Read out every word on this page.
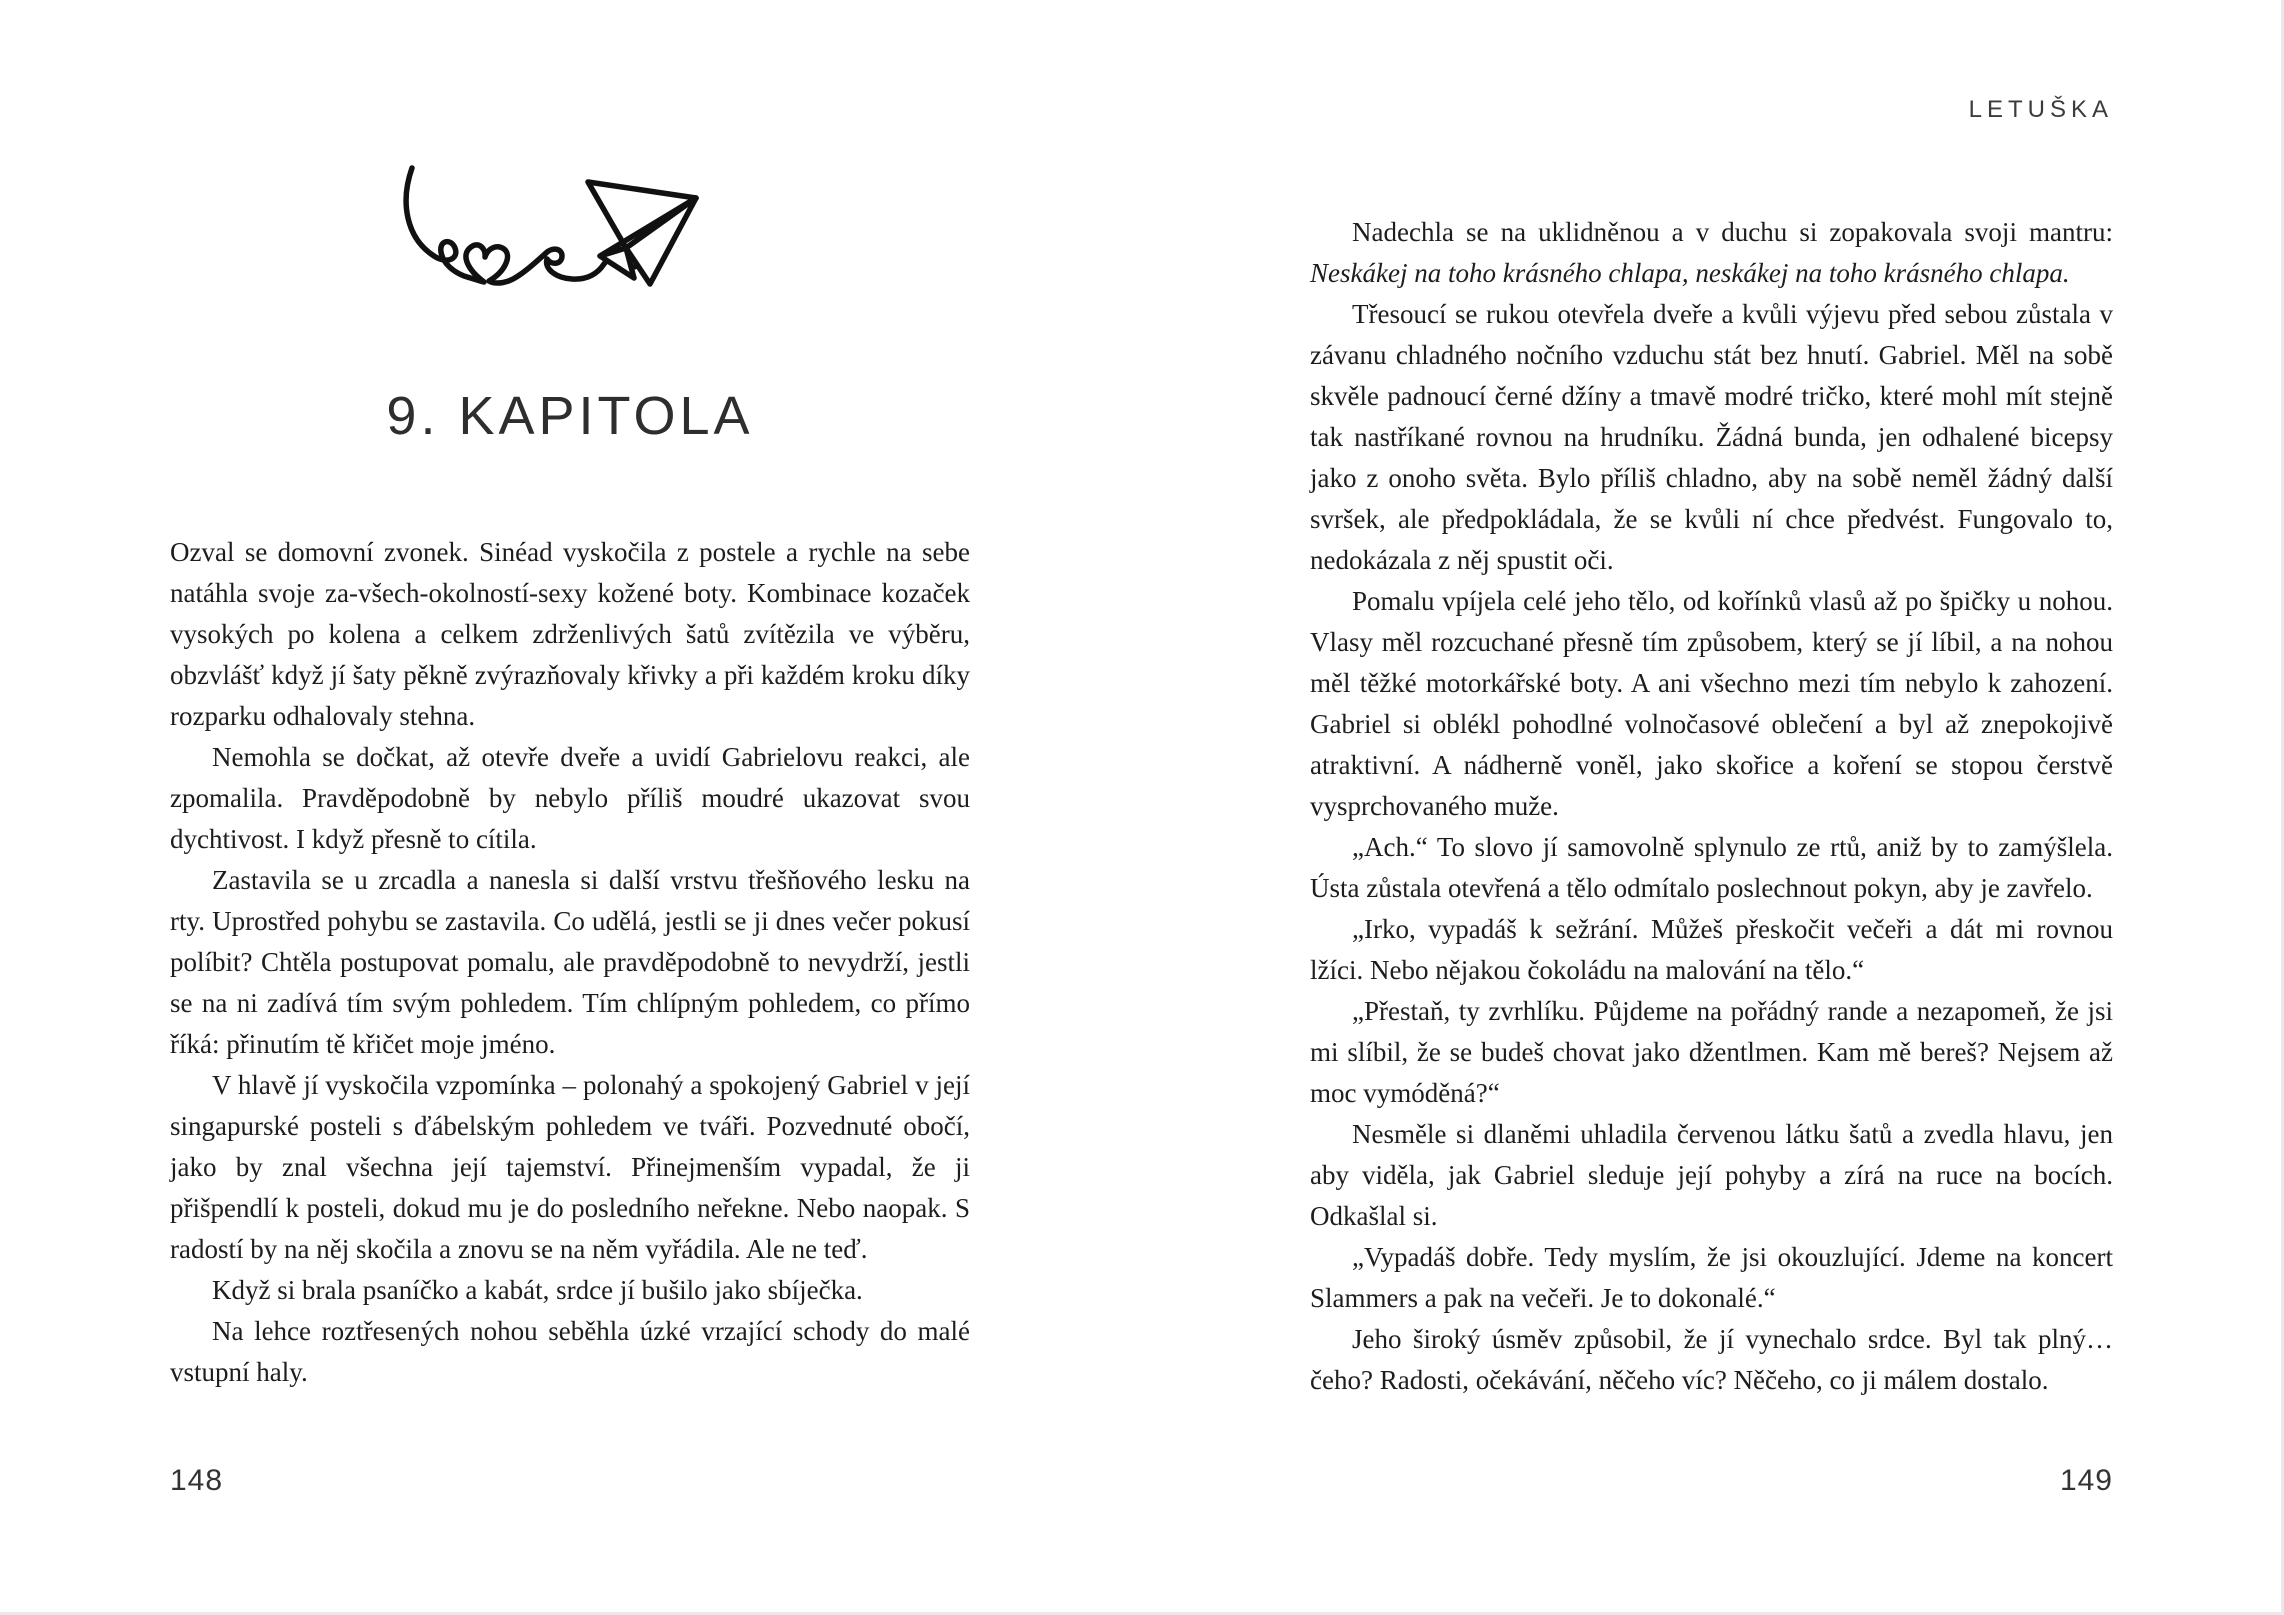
9. KAPITOLA

Ozval se domovní zvonek. Sinéad vyskočila z postele a rychle na sebe natáhla svoje za-všech-okolností-sexy kožené boty. Kombinace kozaček vysokých po kolena a celkem zdrženlivých šatů zvítězila ve výběru, obzvlášť když jí šaty pěkně zvýrazňovaly křivky a při každém kroku díky rozparku odhalovaly stehna.

Nemohla se dočkat, až otevře dveře a uvidí Gabrielovu reakci, ale zpomalila. Pravděpodobně by nebylo příliš moudré ukazovat svou dychtivost. I když přesně to cítila.

Zastavila se u zrcadla a nanesla si další vrstvu třešňového lesku na rty. Uprostřed pohybu se zastavila. Co udělá, jestli se ji dnes večer pokusí políbit? Chtěla postupovat pomalu, ale pravděpodobně to nevydrží, jestli se na ni zadívá tím svým pohledem. Tím chlípným pohledem, co přímo říká: přinutím tě křičet moje jméno.

V hlavě jí vyskočila vzpomínka – polonahý a spokojený Gabriel v její singapurské posteli s ďábelským pohledem ve tváři. Pozvednuté obočí, jako by znal všechna její tajemství. Přinejmenším vypadal, že ji přišpendlí k posteli, dokud mu je do posledního neřekne. Nebo naopak. S radostí by na něj skočila a znovu se na něm vyřádila. Ale ne teď.

Když si brala psaníčko a kabát, srdce jí bušilo jako sbíječka.

Na lehce roztřesených nohou seběhla úzké vrzající schody do malé vstupní haly.

148
LETUŠKA

Nadechla se na uklidněnou a v duchu si zopakovala svoji mantru: Neskákej na toho krásného chlapa, neskákej na toho krásného chlapa.

Třesoucí se rukou otevřela dveře a kvůli výjevu před sebou zůstala v závanu chladného nočního vzduchu stát bez hnutí. Gabriel. Měl na sobě skvěle padnoucí černé džíny a tmavě modré tričko, které mohl mít stejně tak nastříkané rovnou na hrudníku. Žádná bunda, jen odhalené bicepsy jako z onoho světa. Bylo příliš chladno, aby na sobě neměl žádný další svršek, ale předpokládala, že se kvůli ní chce předvést. Fungovalo to, nedokázala z něj spustit oči.

Pomalu vpíjela celé jeho tělo, od kořínků vlasů až po špičky u nohou. Vlasy měl rozcuchané přesně tím způsobem, který se jí líbil, a na nohou měl těžké motorkářské boty. A ani všechno mezi tím nebylo k zahození. Gabriel si oblékl pohodlné volnočasové oblečení a byl až znepokojivě atraktivní. A nádherně voněl, jako skořice a koření se stopou čerstvě vysprchovaného muže.

„Ach.“ To slovo jí samovolně splynulo ze rtů, aniž by to zamýšlela. Ústa zůstala otevřená a tělo odmítalo poslechnout pokyn, aby je zavřelo.

„Irko, vypadáš k sežrání. Můžeš přeskočit večeři a dát mi rovnou lžíci. Nebo nějakou čokoládu na malování na tělo.“

„Přestaň, ty zvrhlíku. Půjdeme na pořádný rande a nezapomeň, že jsi mi slíbil, že se budeš chovat jako džentlmen. Kam mě bereš? Nejsem až moc vymóděná?“

Nesměle si dlaněmi uhladila červenou látku šatů a zvedla hlavu, jen aby viděla, jak Gabriel sleduje její pohyby a zírá na ruce na bocích. Odkašlal si.

„Vypadáš dobře. Tedy myslím, že jsi okouzlující. Jdeme na koncert Slammers a pak na večeři. Je to dokonalé.“

Jeho široký úsměv způsobil, že jí vynechalo srdce. Byl tak plný… čeho? Radosti, očekávání, něčeho víc? Něčeho, co ji málem dostalo.

149
